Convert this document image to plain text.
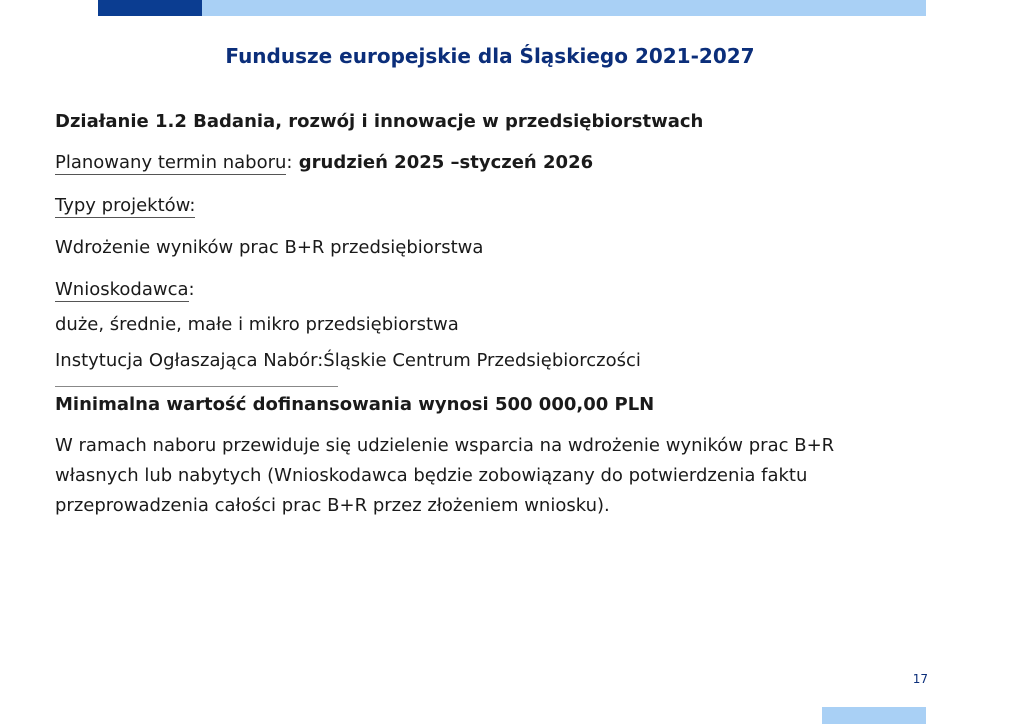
Fundusze europejskie dla Śląskiego 2021-2027
Działanie 1.2 Badania, rozwój i innowacje w przedsiębiorstwach
Planowany termin naboru: grudzień 2025 –styczeń 2026
Typy projektów:
Wdrożenie wyników prac B+R przedsiębiorstwa
Wnioskodawca:
duże, średnie, małe i mikro przedsiębiorstwa
Instytucja Ogłaszająca Nabór:Śląskie Centrum Przedsiębiorczości
Minimalna wartość dofinansowania wynosi 500 000,00 PLN
W ramach naboru przewiduje się udzielenie wsparcia na wdrożenie wyników prac B+R własnych lub nabytych (Wnioskodawca będzie zobowiązany do potwierdzenia faktu przeprowadzenia całości prac B+R przez złożeniem wniosku).
17
